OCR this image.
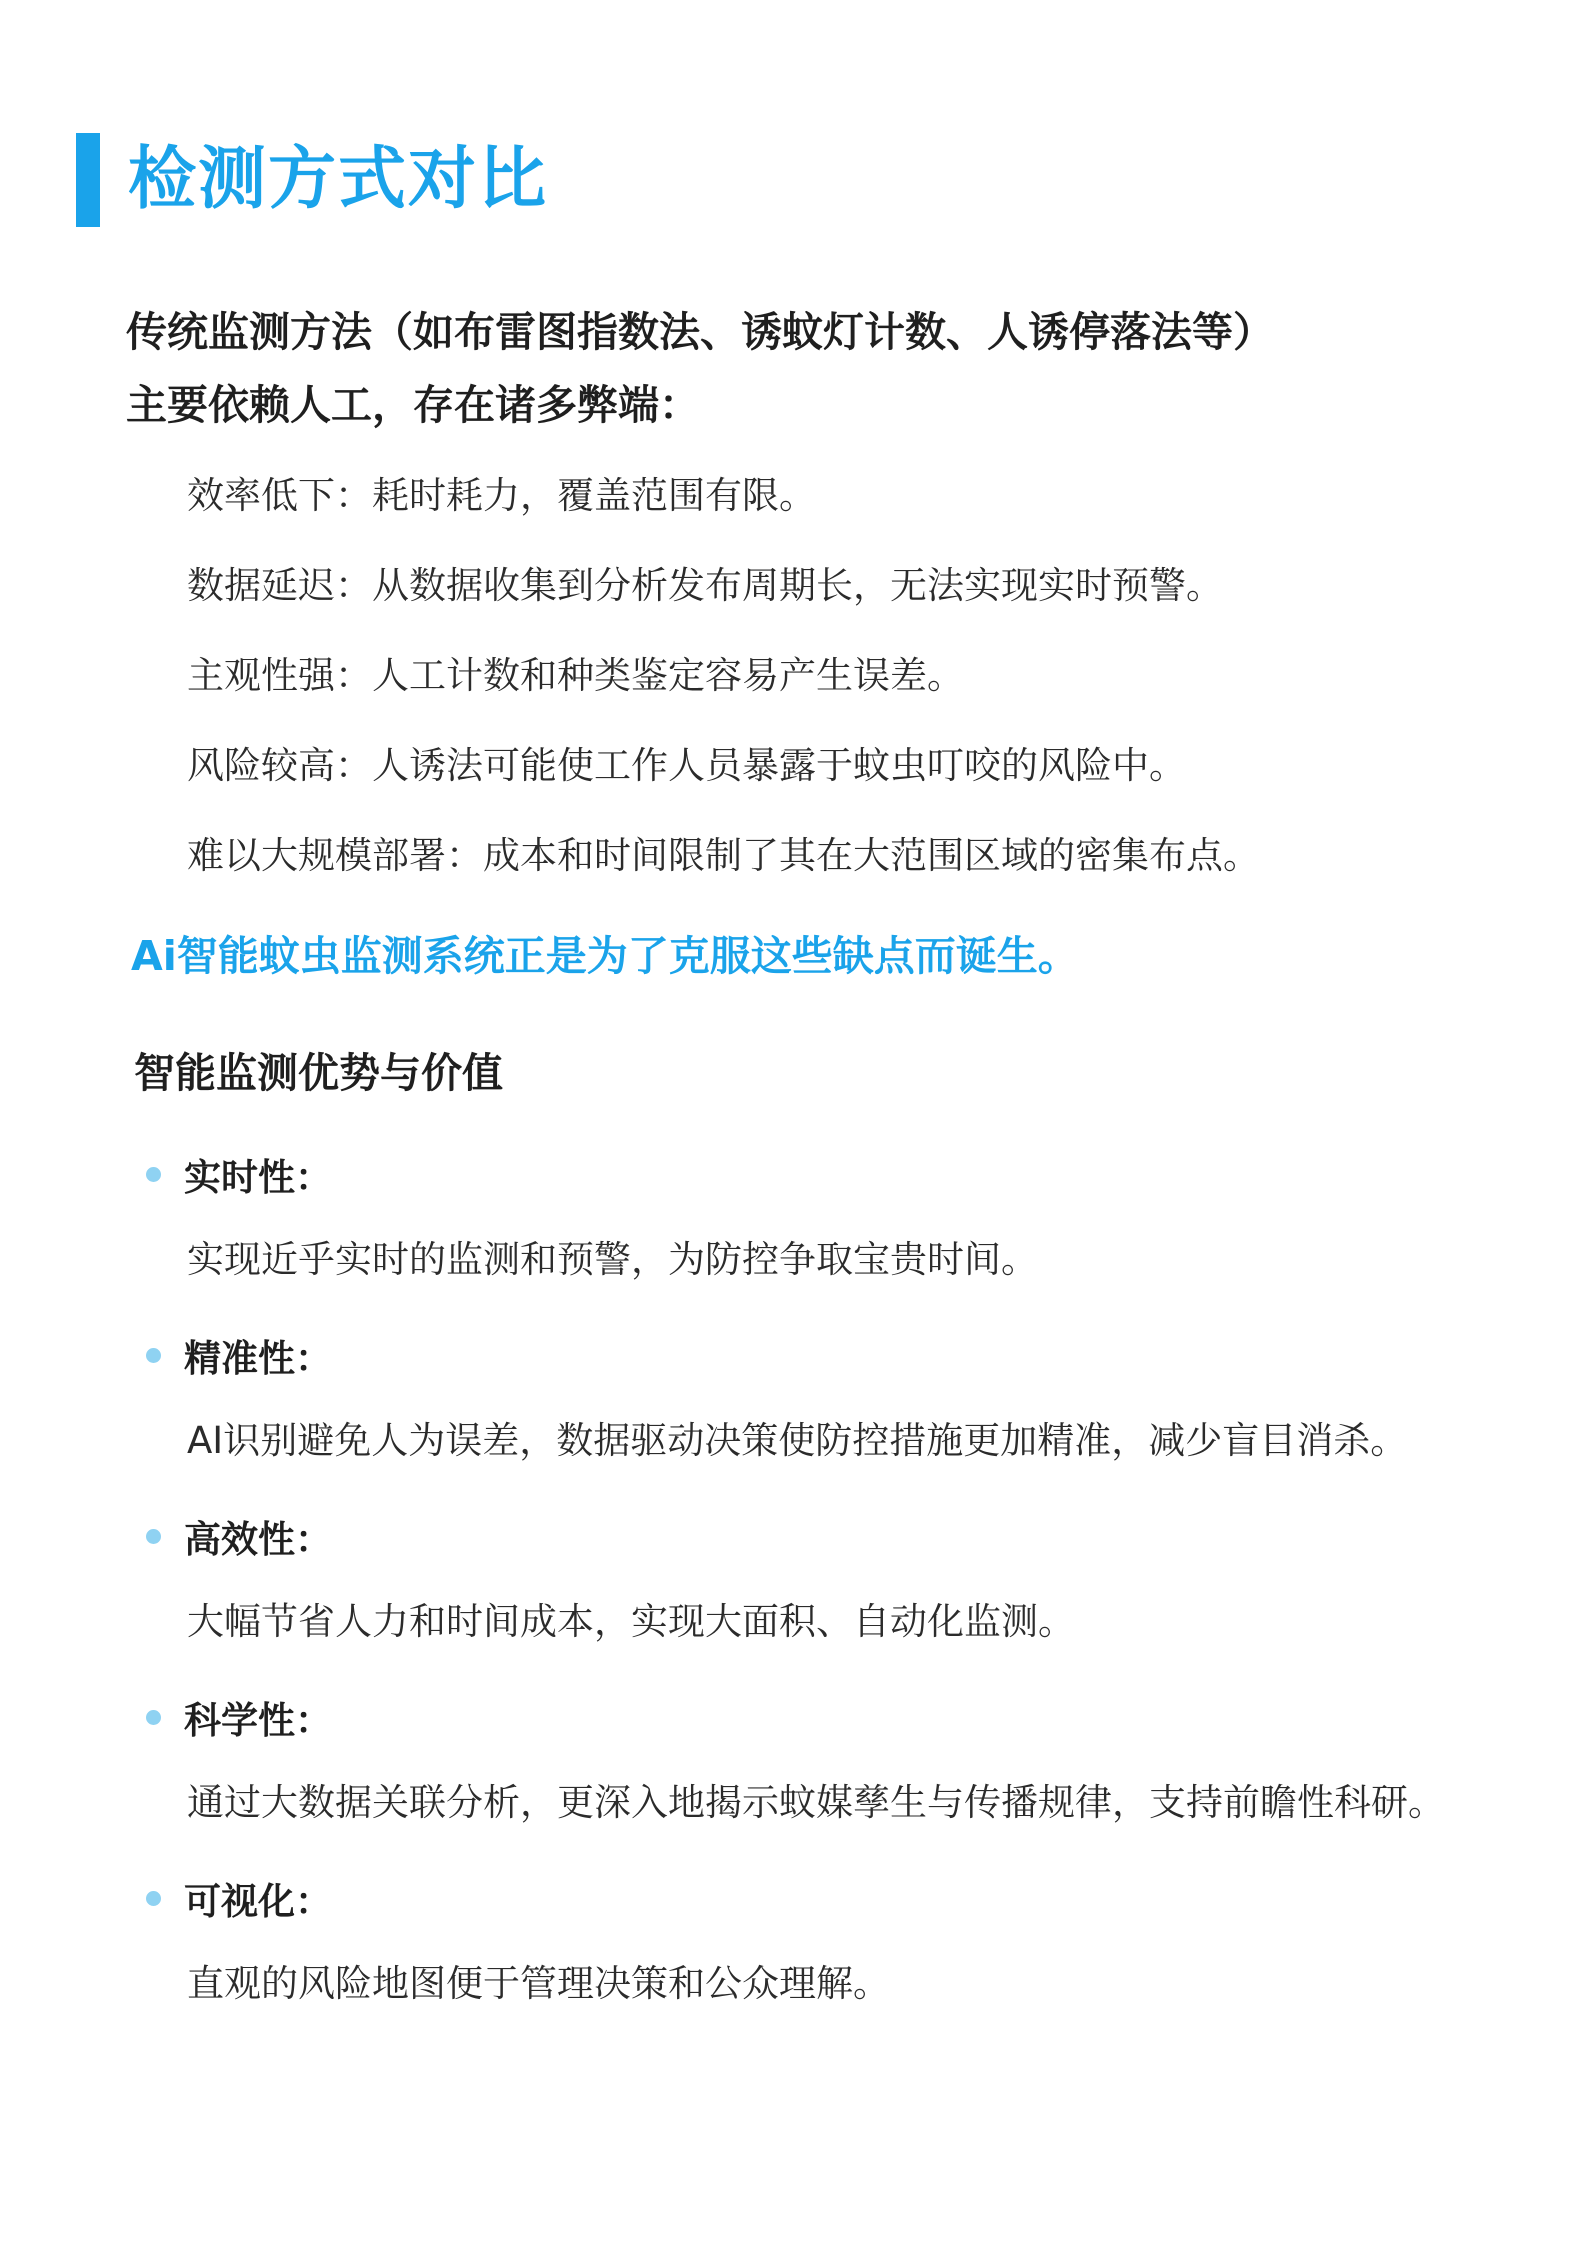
检测方式对比
传统监测方法（如布雷图指数法、诱蚊灯计数、人诱停落法等）
主要依赖人工，存在诸多弊端：
效率低下：耗时耗力，覆盖范围有限。
数据延迟：从数据收集到分析发布周期长，无法实现实时预警。
主观性强：人工计数和种类鉴定容易产生误差。
风险较高：人诱法可能使工作人员暴露于蚊虫叮咬的风险中。
难以大规模部署：成本和时间限制了其在大范围区域的密集布点。
Ai智能蚊虫监测系统正是为了克服这些缺点而诞生。
智能监测优势与价值
实时性：
实现近乎实时的监测和预警，为防控争取宝贵时间。
精准性：
AI识别避免人为误差，数据驱动决策使防控措施更加精准，减少盲目消杀。
高效性：
大幅节省人力和时间成本，实现大面积、自动化监测。
科学性：
通过大数据关联分析，更深入地揭示蚊媒孳生与传播规律，支持前瞻性科研。
可视化：
直观的风险地图便于管理决策和公众理解。
